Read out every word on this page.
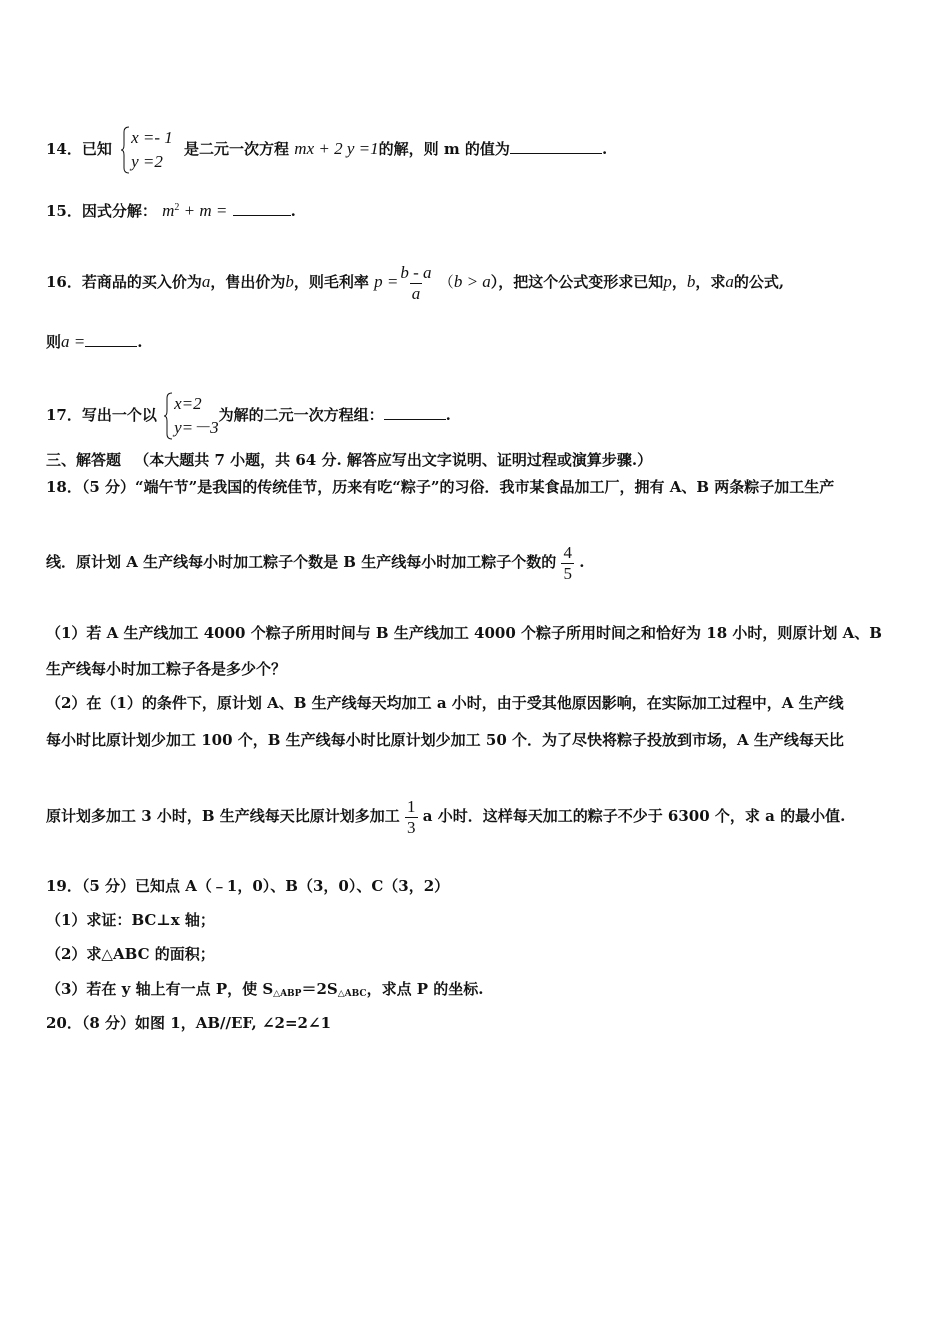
14．已知
x =- 1
y =2
是二元一次方程 mx + 2 y =1的解，则 m 的值为	.
15．因式分解： $m^2 + m$ =	.
16．若商品的买入价为a，售出价为b，则毛利率 $p = \frac{b - a}{a} (b > a)$，把这个公式变形求已知p，b，求a的公式,
则a =	.
17．写出一个以
x=2
y=－3
为解的二元一次方程组：	.
三、解答题 （本大题共 7 小题，共 64 分. 解答应写出文字说明、证明过程或演算步骤.）
18．（5 分）“端午节”是我国的传统佳节，历来有吃“粽子”的习俗．我市某食品加工厂，拥有 A、B 两条粽子加工生产
线．原计划 A 生产线每小时加工粽子个数是 B 生产线每小时加工粽子个数的 $\frac{4}{5}$ .
（1）若 A 生产线加工 4000 个粽子所用时间与 B 生产线加工 4000 个粽子所用时间之和恰好为 18 小时，则原计划 A、B
生产线每小时加工粽子各是多少个？
（2）在（1）的条件下，原计划 A、B 生产线每天均加工 a 小时，由于受其他原因影响，在实际加工过程中，A 生产线
每小时比原计划少加工 100 个，B 生产线每小时比原计划少加工 50 个．为了尽快将粽子投放到市场，A 生产线每天比
原计划多加工 3 小时，B 生产线每天比原计划多加工 $\frac{1}{3}$ a 小时．这样每天加工的粽子不少于 6300 个，求 a 的最小值.
19．（5 分）已知点 A（﹣1，0）、B（3，0）、C（3，2）
（1）求证：BC⊥x 轴；
（2）求△ABC 的面积；
（3）若在 y 轴上有一点 P，使 $S_{\triangle ABP}=2S_{\triangle ABC}$，求点 P 的坐标.
20．（8 分）如图 1，AB//EF, ∠2=2∠1
